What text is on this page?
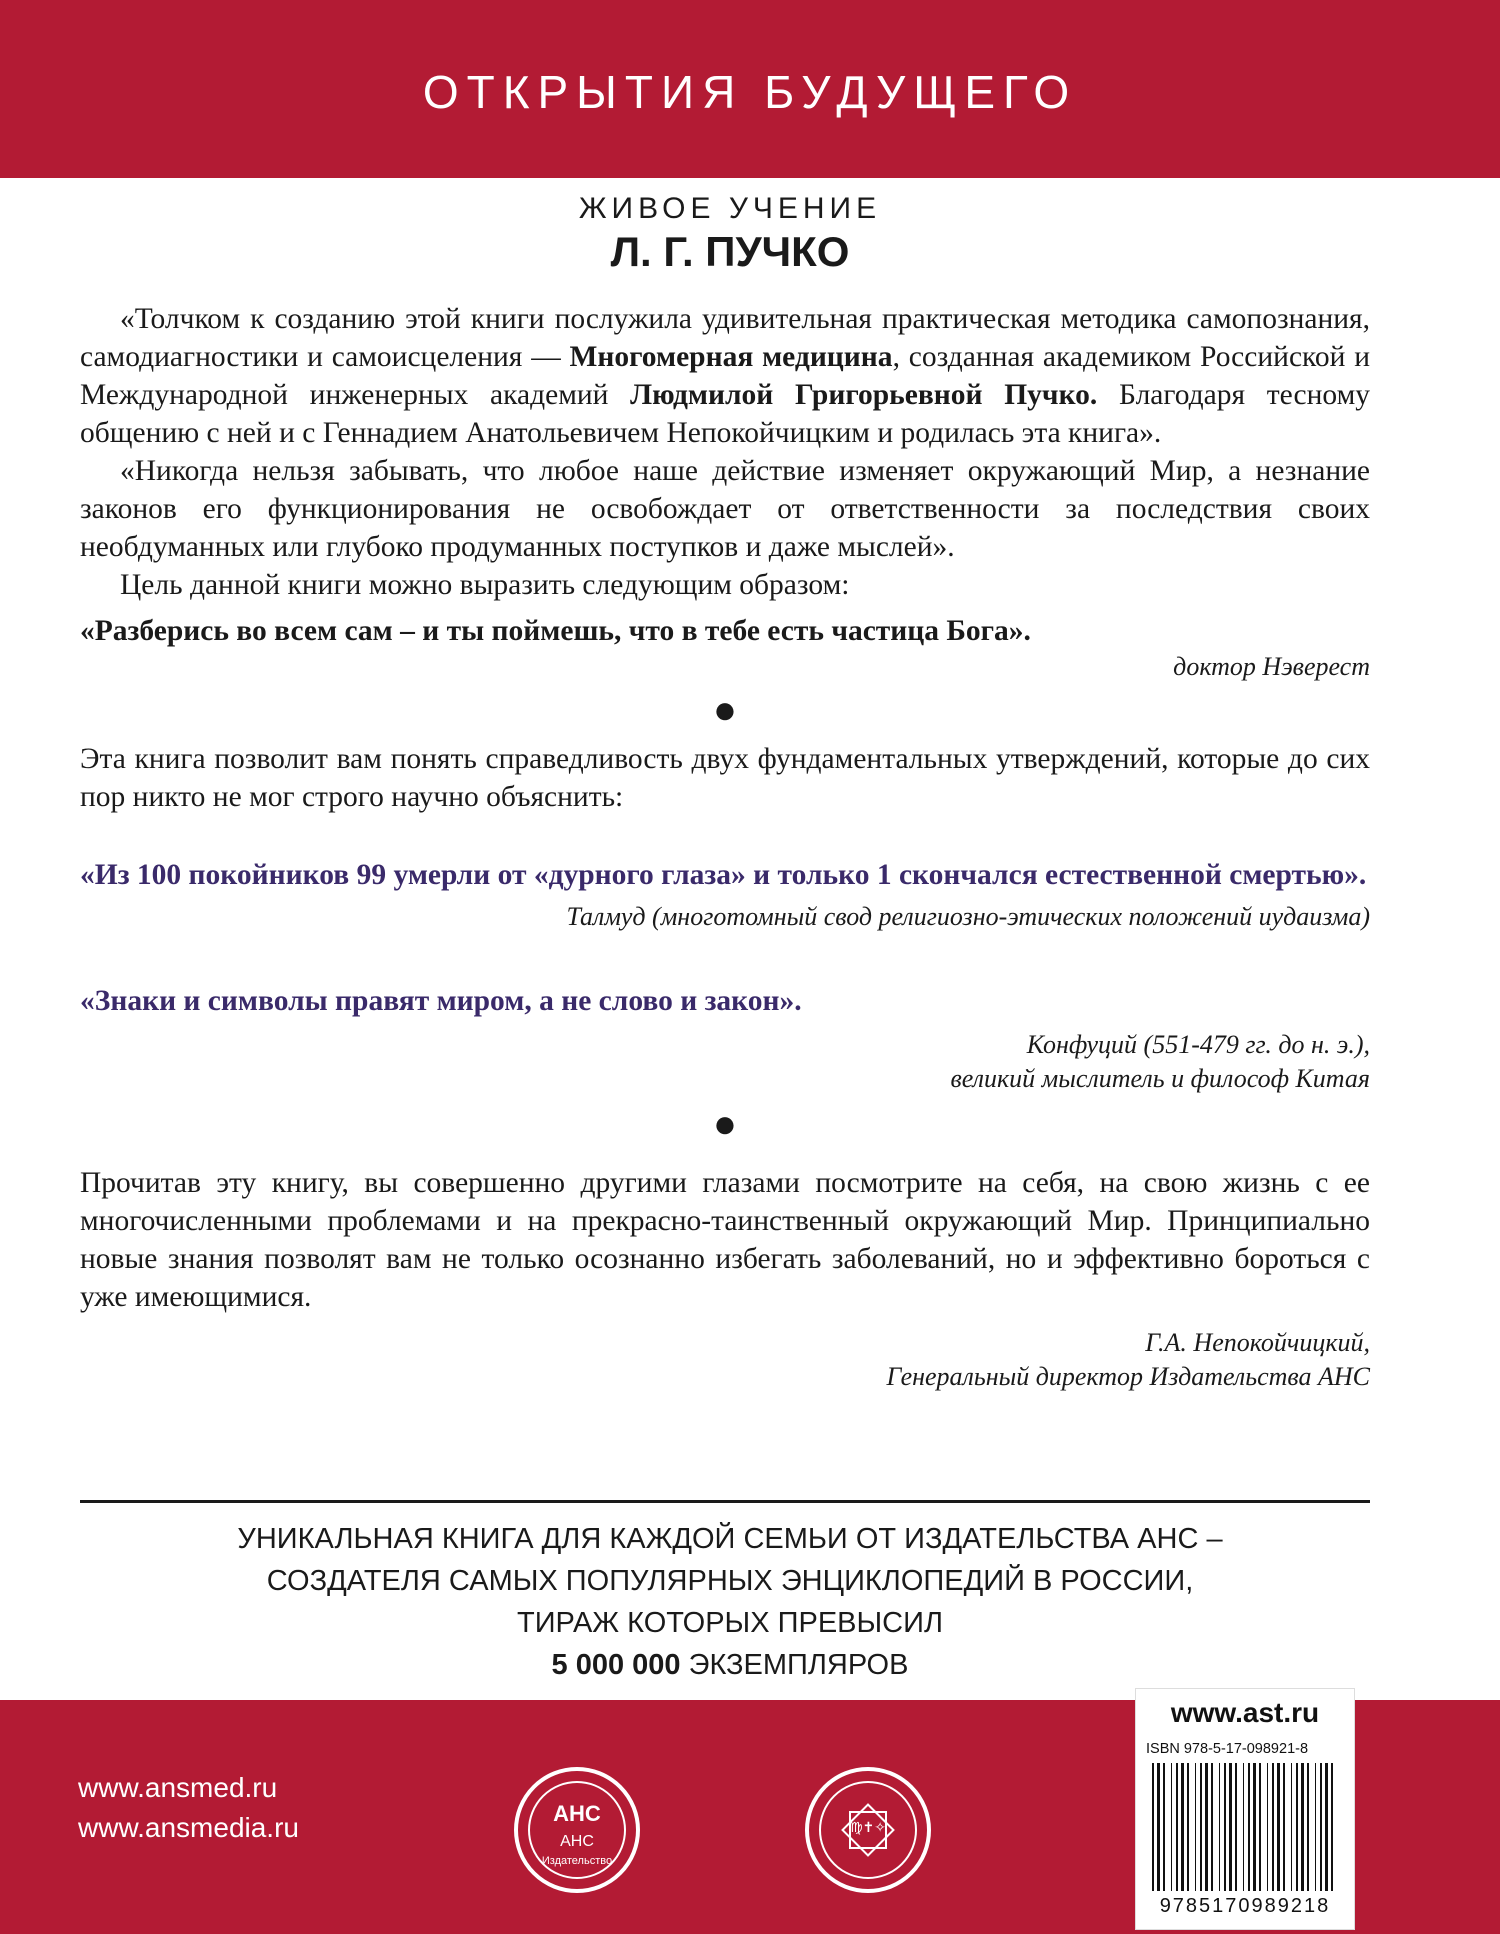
ОТКРЫТИЯ БУДУЩЕГО
ЖИВОЕ УЧЕНИЕ
Л. Г. ПУЧКО

«Толчком к созданию этой книги послужила удивительная практическая методика самопознания, самодиагностики и самоисцеления — Многомерная медицина, созданная академиком Российской и Международной инженерных академий Людмилой Григорьевной Пучко. Благодаря тесному общению с ней и с Геннадием Анатольевичем Непокойчицким и родилась эта книга».

«Никогда нельзя забывать, что любое наше действие изменяет окружающий Мир, а незнание законов его функционирования не освобождает от ответственности за последствия своих необдуманных или глубоко продуманных поступков и даже мыслей».

Цель данной книги можно выразить следующим образом:

«Разберись во всем сам – и ты поймешь, что в тебе есть частица Бога».

доктор Нэверест

●

Эта книга позволит вам понять справедливость двух фундаментальных утверждений, которые до сих пор никто не мог строго научно объяснить:

«Из 100 покойников 99 умерли от «дурного глаза» и только 1 скончался естественной смертью».

Талмуд (многотомный свод религиозно-этических положений иудаизма)

«Знаки и символы правят миром, а не слово и закон».

Конфуций (551-479 гг. до н. э.),

великий мыслитель и философ Китая

●

Прочитав эту книгу, вы совершенно другими глазами посмотрите на себя, на свою жизнь с ее многочисленными проблемами и на прекрасно-таинственный окружающий Мир. Принципиально новые знания позволят вам не только осознанно избегать заболеваний, но и эффективно бороться с уже имеющимися.

Г.А. Непокойчицкий,

Генеральный директор Издательства АНС

УНИКАЛЬНАЯ КНИГА ДЛЯ КАЖДОЙ СЕМЬИ ОТ ИЗДАТЕЛЬСТВА АНС –
СОЗДАТЕЛЯ САМЫХ ПОПУЛЯРНЫХ ЭНЦИКЛОПЕДИЙ В РОССИИ,
ТИРАЖ КОТОРЫХ ПРЕВЫСИЛ
5 000 000 ЭКЗЕМПЛЯРОВ
www.ansmed.ru
www.ansmedia.ru	АНС
АНС
Издательство
♍✝✧
www.ast.ru
ISBN 978-5-17-098921-8
9785170989218
